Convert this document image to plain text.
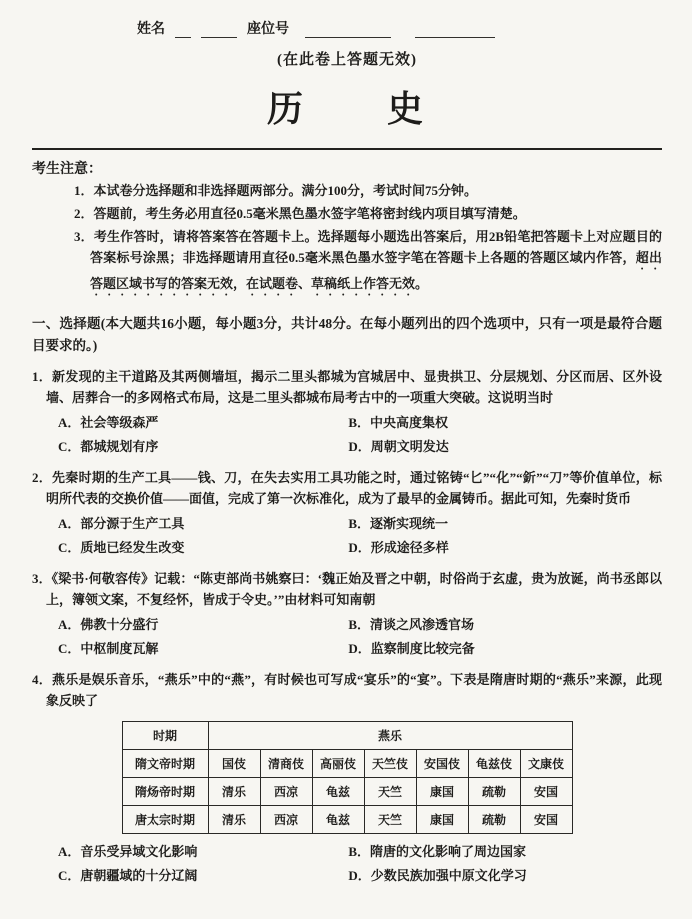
姓名	座位号
(在此卷上答题无效)
历　　史
考生注意：
1．本试卷分选择题和非选择题两部分。满分100分，考试时间75分钟。
2．答题前，考生务必用直径0.5毫米黑色墨水签字笔将密封线内项目填写清楚。
3．考生作答时，请将答案答在答题卡上。选择题每小题选出答案后，用2B铅笔把答题卡上对应题目的答案标号涂黑；非选择题请用直径0.5毫米黑色墨水签字笔在答题卡上各题的答题区域内作答，超出答题区域书写的答案无效，在试题卷、草稿纸上作答无效。
一、选择题(本大题共16小题，每小题3分，共计48分。在每小题列出的四个选项中，只有一项是最符合题目要求的。)

1．新发现的主干道路及其两侧墙垣，揭示二里头都城为宫城居中、显贵拱卫、分层规划、分区而居、区外设墙、居葬合一的多网格式布局，这是二里头都城布局考古中的一项重大突破。这说明当时

A．社会等级森严	B．中央高度集权
C．都城规划有序	D．周朝文明发达

2．先秦时期的生产工具——钱、刀，在失去实用工具功能之时，通过铭铸“匕”“化”“釿”“刀”等价值单位，标明所代表的交换价值——面值，完成了第一次标准化，成为了最早的金属铸币。据此可知，先秦时货币

A．部分源于生产工具	B．逐渐实现统一
C．质地已经发生改变	D．形成途径多样

3．《梁书·何敬容传》记载：“陈吏部尚书姚察曰：‘魏正始及晋之中朝，时俗尚于玄虚，贵为放诞，尚书丞郎以上，簿领文案，不复经怀，皆成于令史。’”由材料可知南朝

A．佛教十分盛行	B．清谈之风渗透官场
C．中枢制度瓦解	D．监察制度比较完备

4．燕乐是娱乐音乐，“燕乐”中的“燕”，有时候也可写成“宴乐”的“宴”。下表是隋唐时期的“燕乐”来源，此现象反映了

时期	燕乐						
隋文帝时期	国伎	清商伎	高丽伎	天竺伎	安国伎	龟兹伎	文康伎
隋炀帝时期	清乐	西凉	龟兹	天竺	康国	疏勒	安国
唐太宗时期	清乐	西凉	龟兹	天竺	康国	疏勒	安国
A．音乐受异域文化影响	B．隋唐的文化影响了周边国家
C．唐朝疆域的十分辽阔	D．少数民族加强中原文化学习
